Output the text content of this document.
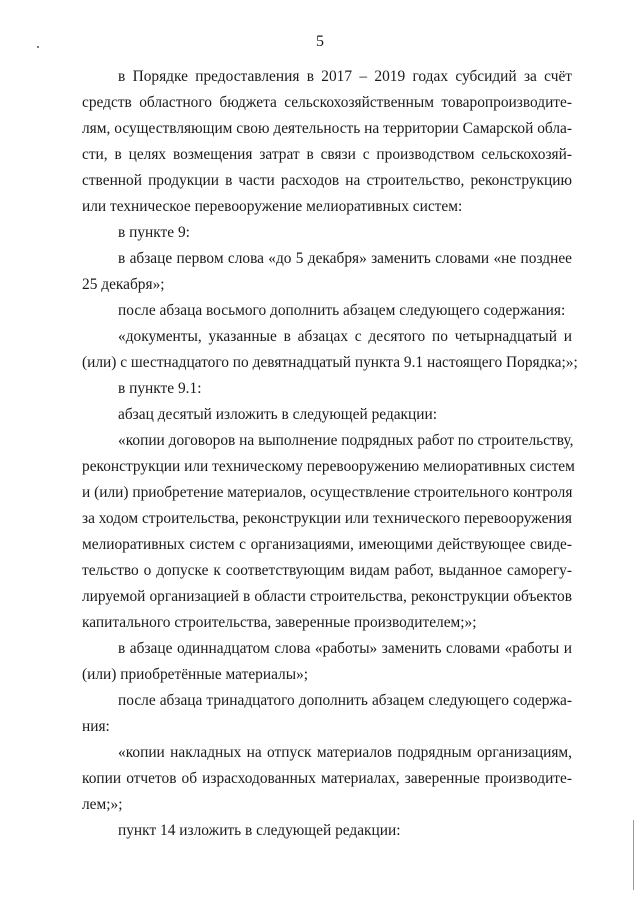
5
в Порядке предоставления в 2017 – 2019 годах субсидий за счёт
средств областного бюджета сельскохозяйственным товаропроизводите-
лям, осуществляющим свою деятельность на территории Самарской обла-
сти, в целях возмещения затрат в связи с производством сельскохозяй-
ственной продукции в части расходов на строительство, реконструкцию
или техническое перевооружение мелиоративных систем:
в пункте 9:
в абзаце первом слова «до 5 декабря» заменить словами «не позднее
25 декабря»;
после абзаца восьмого дополнить абзацем следующего содержания:
«документы, указанные в абзацах с десятого по четырнадцатый и
(или) с шестнадцатого по девятнадцатый пункта 9.1 настоящего Порядка;»;
в пункте 9.1:
абзац десятый изложить в следующей редакции:
«копии договоров на выполнение подрядных работ по строительству,
реконструкции или техническому перевооружению мелиоративных систем
и (или) приобретение материалов, осуществление строительного контроля
за ходом строительства, реконструкции или технического перевооружения
мелиоративных систем с организациями, имеющими действующее свиде-
тельство о допуске к соответствующим видам работ, выданное саморегу-
лируемой организацией в области строительства, реконструкции объектов
капитального строительства, заверенные производителем;»;
в абзаце одиннадцатом слова «работы» заменить словами «работы и
(или) приобретённые материалы»;
после абзаца тринадцатого дополнить абзацем следующего содержа-
ния:
«копии накладных на отпуск материалов подрядным организациям,
копии отчетов об израсходованных материалах, заверенные производите-
лем;»;
пункт 14 изложить в следующей редакции:
